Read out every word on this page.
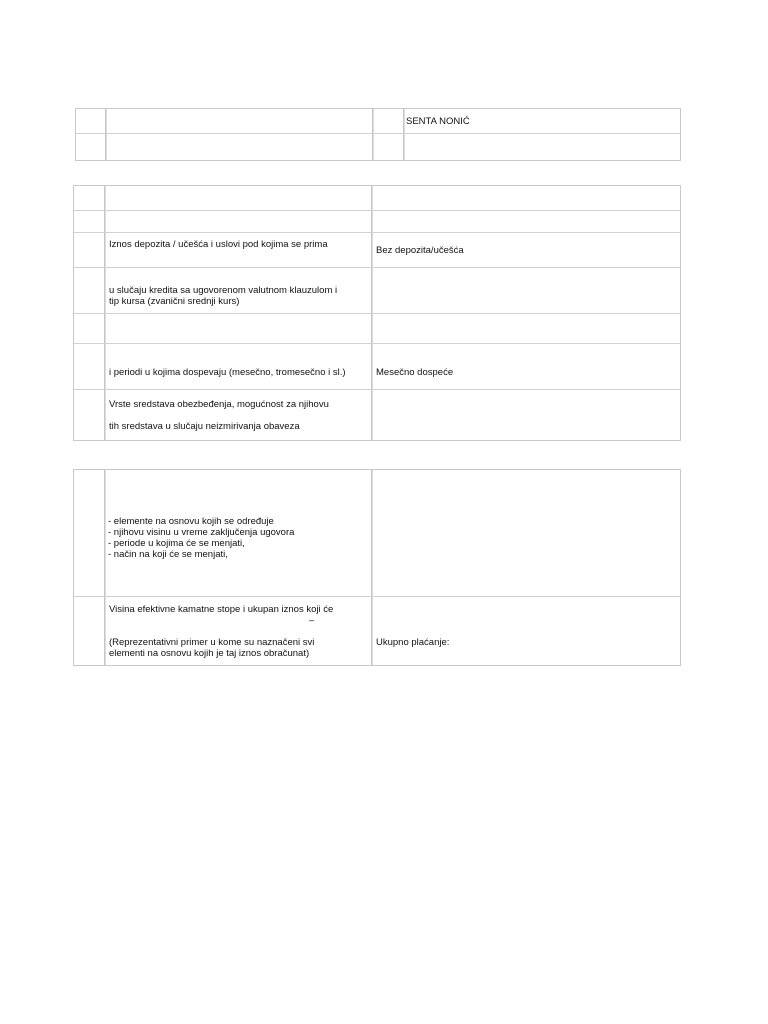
SENTA NONIĆ
Iznos depozita / učešća i uslovi pod kojima se prima
Bez depozita/učešća
u slučaju kredita sa ugovorenom valutnom klauzulom i
tip kursa (zvanični srednji kurs)
i periodi u kojima dospevaju (mesečno, tromesečno i sl.)	Mesečno dospeće
Vrste sredstava obezbeđenja, mogućnost za njihovu
tih sredstava u slučaju neizmirivanja obaveza
- elemente na osnovu kojih se određuje
- njihovu visinu u vreme zaključenja ugovora
- periode u kojima će se menjati,
- način na koji će se menjati,
Visina efektivne kamatne stope i ukupan iznos koji će
–
(Reprezentativni primer u kome su naznačeni svi
elementi na osnovu kojih je taj iznos obračunat)
Ukupno plaćanje:
